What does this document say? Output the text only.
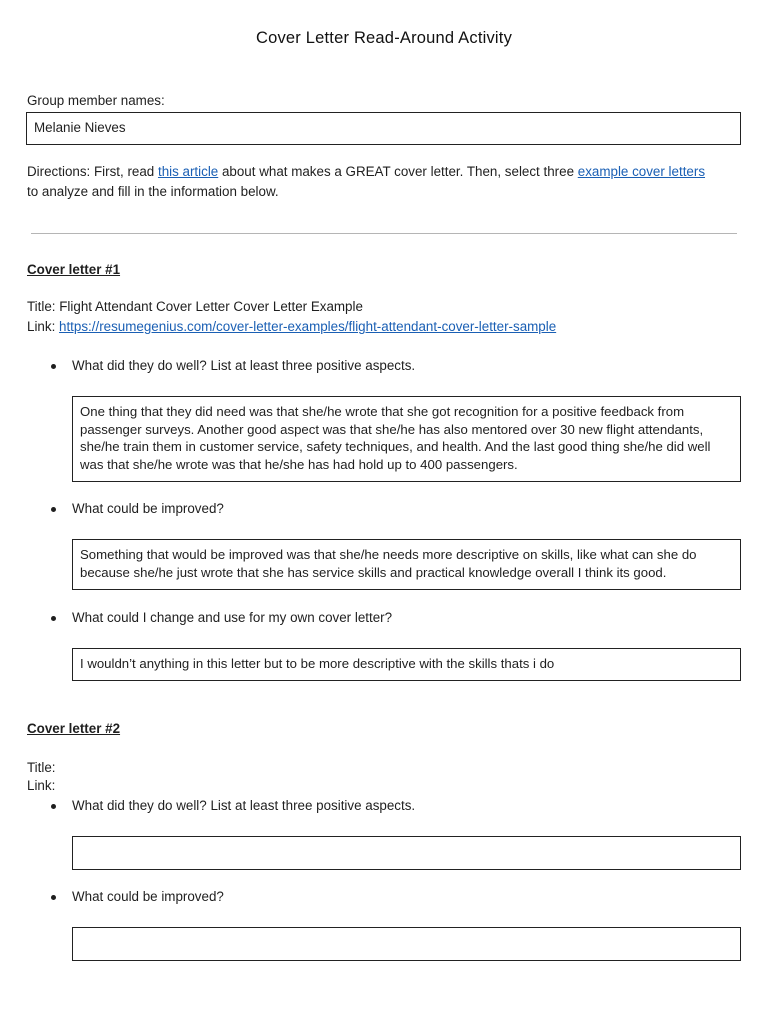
Cover Letter Read-Around Activity
Group member names:
Melanie Nieves
Directions: First, read this article about what makes a GREAT cover letter. Then, select three example cover letters
to analyze and fill in the information below.
Cover letter #1
Title: Flight Attendant Cover Letter Cover Letter Example
Link: https://resumegenius.com/cover-letter-examples/flight-attendant-cover-letter-sample
What did they do well? List at least three positive aspects.
One thing that they did need was that she/he wrote that she got recognition for a positive feedback from passenger surveys. Another good aspect was that she/he has also mentored over 30 new flight attendants, she/he train them in customer service, safety techniques, and health. And the last good thing she/he did well was that she/he wrote was that he/she has had hold up to 400 passengers.
What could be improved?
Something that would be improved was that she/he needs more descriptive on skills, like what can she do because she/he just wrote that she has service skills and practical knowledge overall I think its good.
What could I change and use for my own cover letter?
I wouldn’t anything in this letter but to be more descriptive with the skills thats i do
Cover letter #2
Title:
Link:
What did they do well? List at least three positive aspects.
What could be improved?
